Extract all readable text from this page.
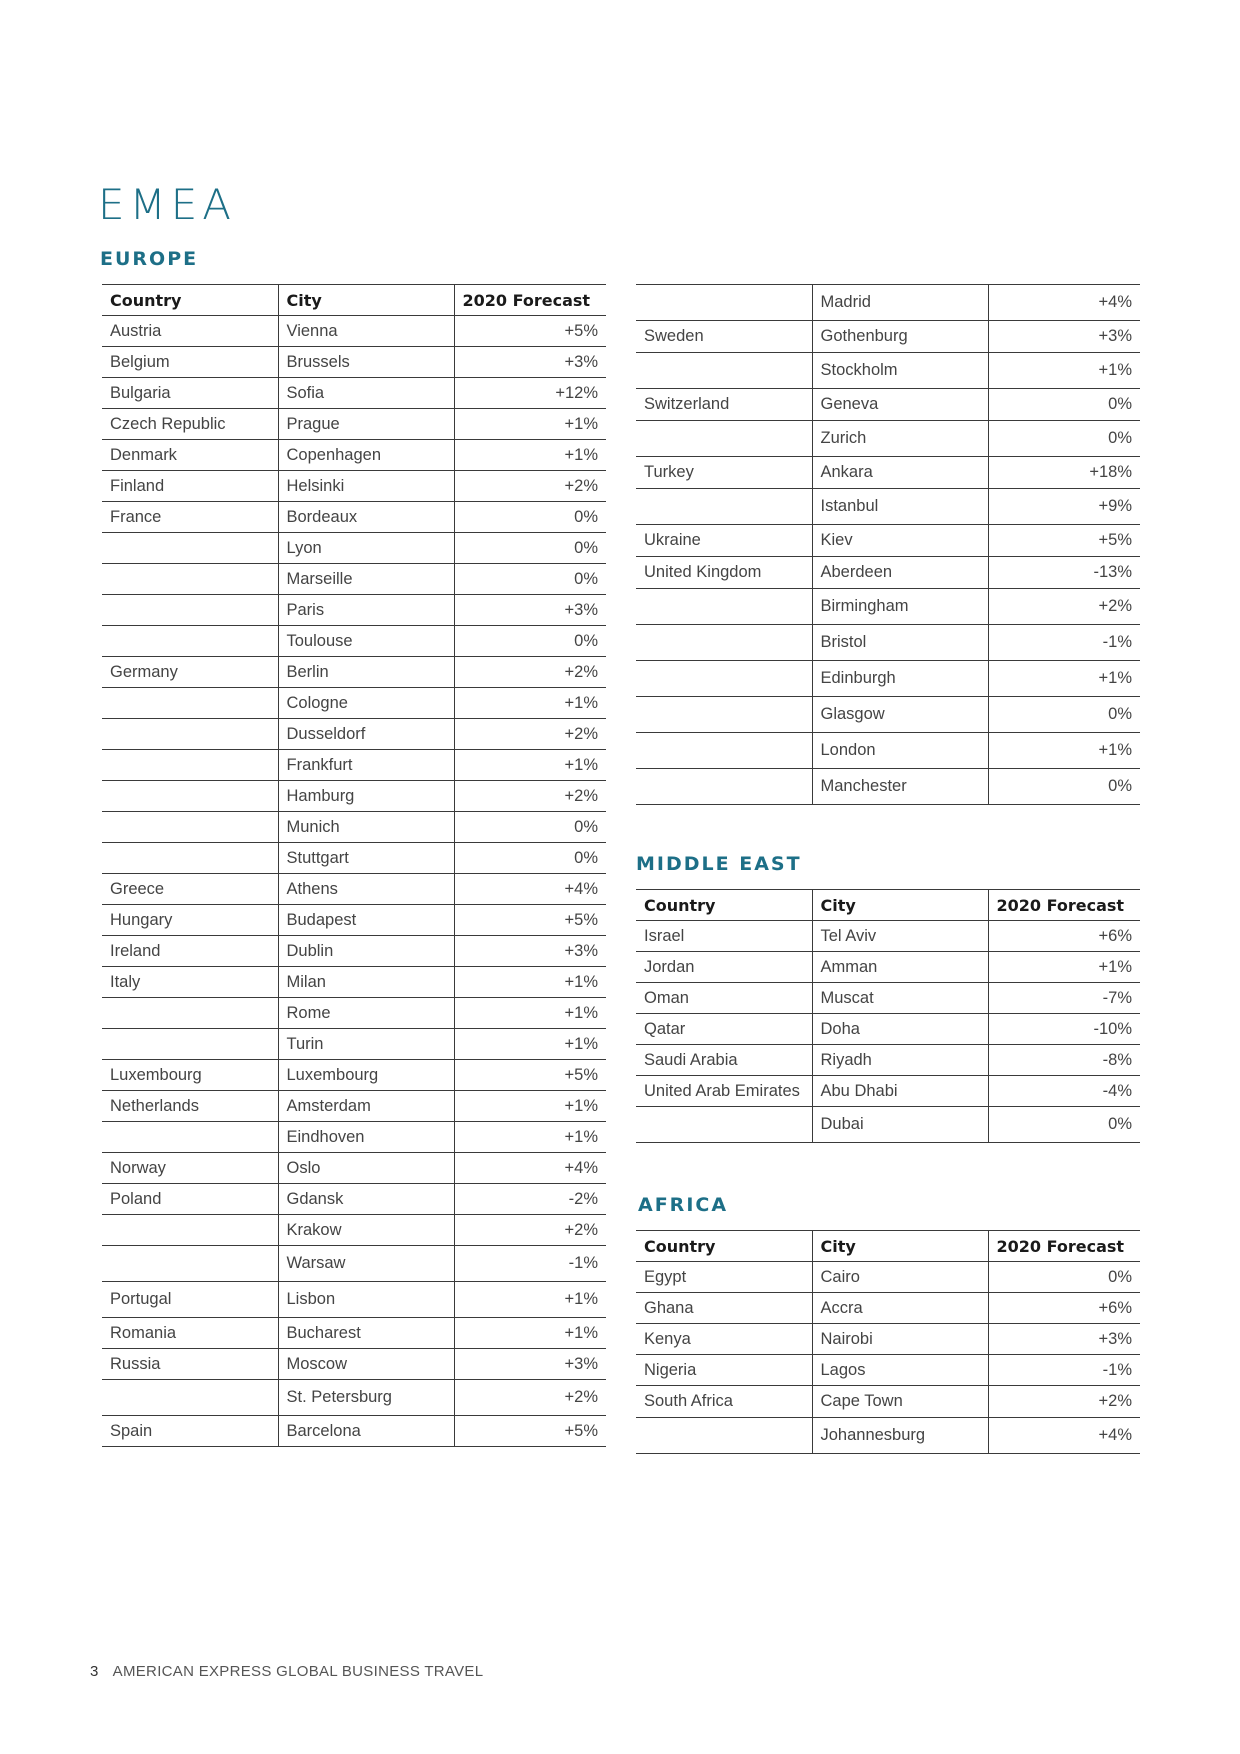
EMEA
EUROPE
Country	City	2020 Forecast
Austria	Vienna	+5%
Belgium	Brussels	+3%
Bulgaria	Sofia	+12%
Czech Republic	Prague	+1%
Denmark	Copenhagen	+1%
Finland	Helsinki	+2%
France	Bordeaux	0%
	Lyon	0%
	Marseille	0%
	Paris	+3%
	Toulouse	0%
Germany	Berlin	+2%
	Cologne	+1%
	Dusseldorf	+2%
	Frankfurt	+1%
	Hamburg	+2%
	Munich	0%
	Stuttgart	0%
Greece	Athens	+4%
Hungary	Budapest	+5%
Ireland	Dublin	+3%
Italy	Milan	+1%
	Rome	+1%
	Turin	+1%
Luxembourg	Luxembourg	+5%
Netherlands	Amsterdam	+1%
	Eindhoven	+1%
Norway	Oslo	+4%
Poland	Gdansk	-2%
	Krakow	+2%
	Warsaw	-1%
Portugal	Lisbon	+1%
Romania	Bucharest	+1%
Russia	Moscow	+3%
	St. Petersburg	+2%
Spain	Barcelona	+5%
	Madrid	+4%
Sweden	Gothenburg	+3%
	Stockholm	+1%
Switzerland	Geneva	0%
	Zurich	0%
Turkey	Ankara	+18%
	Istanbul	+9%
Ukraine	Kiev	+5%
United Kingdom	Aberdeen	-13%
	Birmingham	+2%
	Bristol	-1%
	Edinburgh	+1%
	Glasgow	0%
	London	+1%
	Manchester	0%
MIDDLE EAST
Country	City	2020 Forecast
Israel	Tel Aviv	+6%
Jordan	Amman	+1%
Oman	Muscat	-7%
Qatar	Doha	-10%
Saudi Arabia	Riyadh	-8%
United Arab Emirates	Abu Dhabi	-4%
	Dubai	0%
AFRICA
Country	City	2020 Forecast
Egypt	Cairo	0%
Ghana	Accra	+6%
Kenya	Nairobi	+3%
Nigeria	Lagos	-1%
South Africa	Cape Town	+2%
	Johannesburg	+4%
3 AMERICAN EXPRESS GLOBAL BUSINESS TRAVEL
